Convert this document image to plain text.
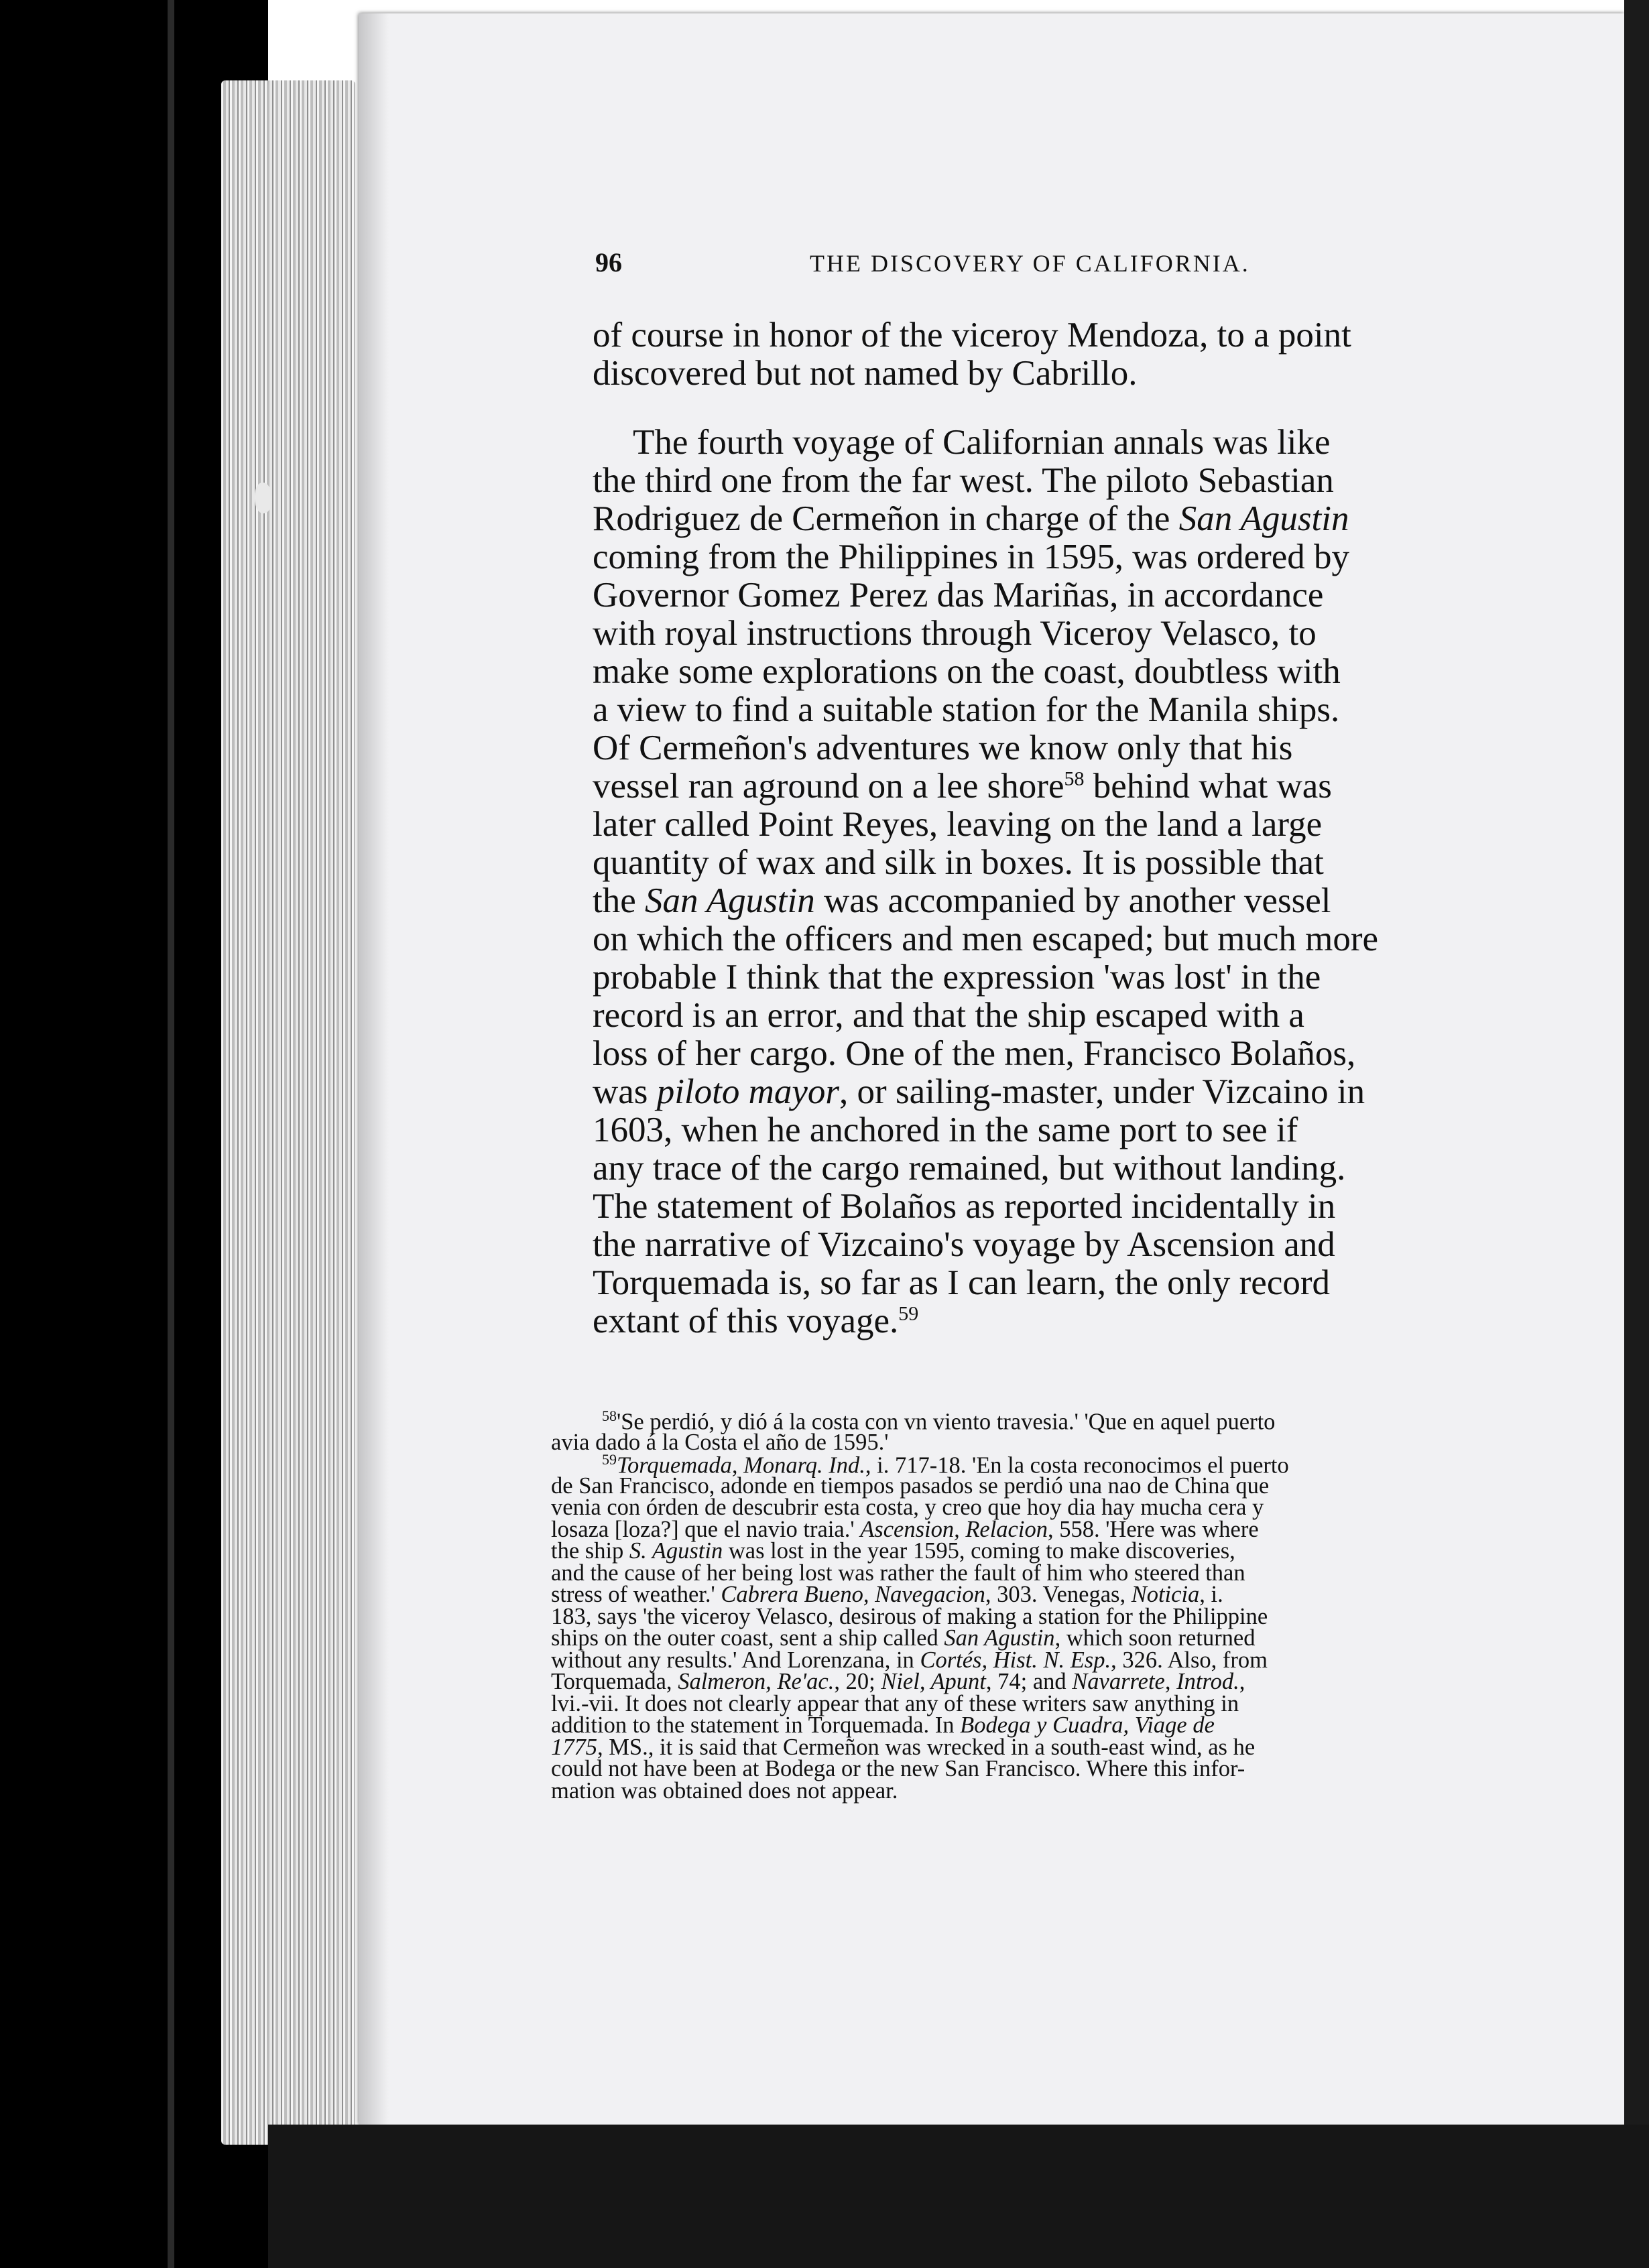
96	THE DISCOVERY OF CALIFORNIA.
of course in honor of the viceroy Mendoza, to a point
discovered but not named by Cabrillo.
The fourth voyage of Californian annals was like
the third one from the far west. The piloto Sebastian
Rodriguez de Cermeñon in charge of the San Agustin
coming from the Philippines in 1595, was ordered by
Governor Gomez Perez das Mariñas, in accordance
with royal instructions through Viceroy Velasco, to
make some explorations on the coast, doubtless with
a view to find a suitable station for the Manila ships.
Of Cermeñon's adventures we know only that his
vessel ran aground on a lee shore$^{58}$ behind what was
later called Point Reyes, leaving on the land a large
quantity of wax and silk in boxes. It is possible that
the San Agustin was accompanied by another vessel
on which the officers and men escaped; but much more
probable I think that the expression 'was lost' in the
record is an error, and that the ship escaped with a
loss of her cargo. One of the men, Francisco Bolaños,
was piloto mayor, or sailing-master, under Vizcaino in
1603, when he anchored in the same port to see if
any trace of the cargo remained, but without landing.
The statement of Bolaños as reported incidentally in
the narrative of Vizcaino's voyage by Ascension and
Torquemada is, so far as I can learn, the only record
extant of this voyage.$^{59}$
$^{58}$'Se perdió, y dió á la costa con vn viento travesia.' 'Que en aquel puerto
avia dado á la Costa el año de 1595.'
$^{59}$Torquemada, Monarq. Ind., i. 717-18. 'En la costa reconocimos el puerto
de San Francisco, adonde en tiempos pasados se perdió una nao de China que
venia con órden de descubrir esta costa, y creo que hoy dia hay mucha cera y
losaza [loza?] que el navio traia.' Ascension, Relacion, 558. 'Here was where
the ship S. Agustin was lost in the year 1595, coming to make discoveries,
and the cause of her being lost was rather the fault of him who steered than
stress of weather.' Cabrera Bueno, Navegacion, 303. Venegas, Noticia, i.
183, says 'the viceroy Velasco, desirous of making a station for the Philippine
ships on the outer coast, sent a ship called San Agustin, which soon returned
without any results.' And Lorenzana, in Cortés, Hist. N. Esp., 326. Also, from
Torquemada, Salmeron, Re'ac., 20; Niel, Apunt, 74; and Navarrete, Introd.,
lvi.-vii. It does not clearly appear that any of these writers saw anything in
addition to the statement in Torquemada. In Bodega y Cuadra, Viage de
1775, MS., it is said that Cermeñon was wrecked in a south-east wind, as he
could not have been at Bodega or the new San Francisco. Where this infor-
mation was obtained does not appear.
